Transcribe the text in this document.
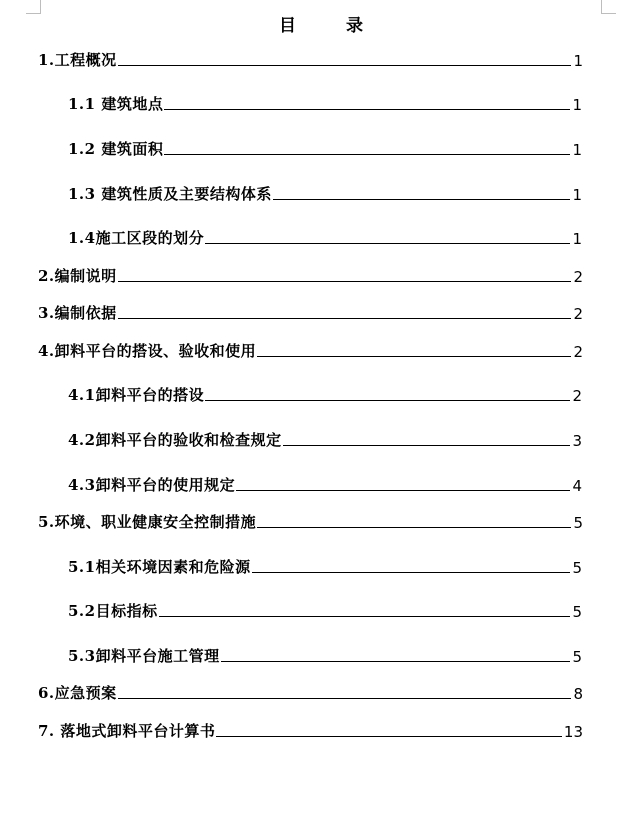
目 录
1.工程概况	1
1.1 建筑地点	1
1.2 建筑面积	1
1.3 建筑性质及主要结构体系	1
1.4施工区段的划分	1
2.编制说明	2
3.编制依据	2
4.卸料平台的搭设、验收和使用	2
4.1卸料平台的搭设	2
4.2卸料平台的验收和检查规定	3
4.3卸料平台的使用规定	4
5.环境、职业健康安全控制措施	5
5.1相关环境因素和危险源	5
5.2目标指标	5
5.3卸料平台施工管理	5
6.应急预案	8
7. 落地式卸料平台计算书	13
